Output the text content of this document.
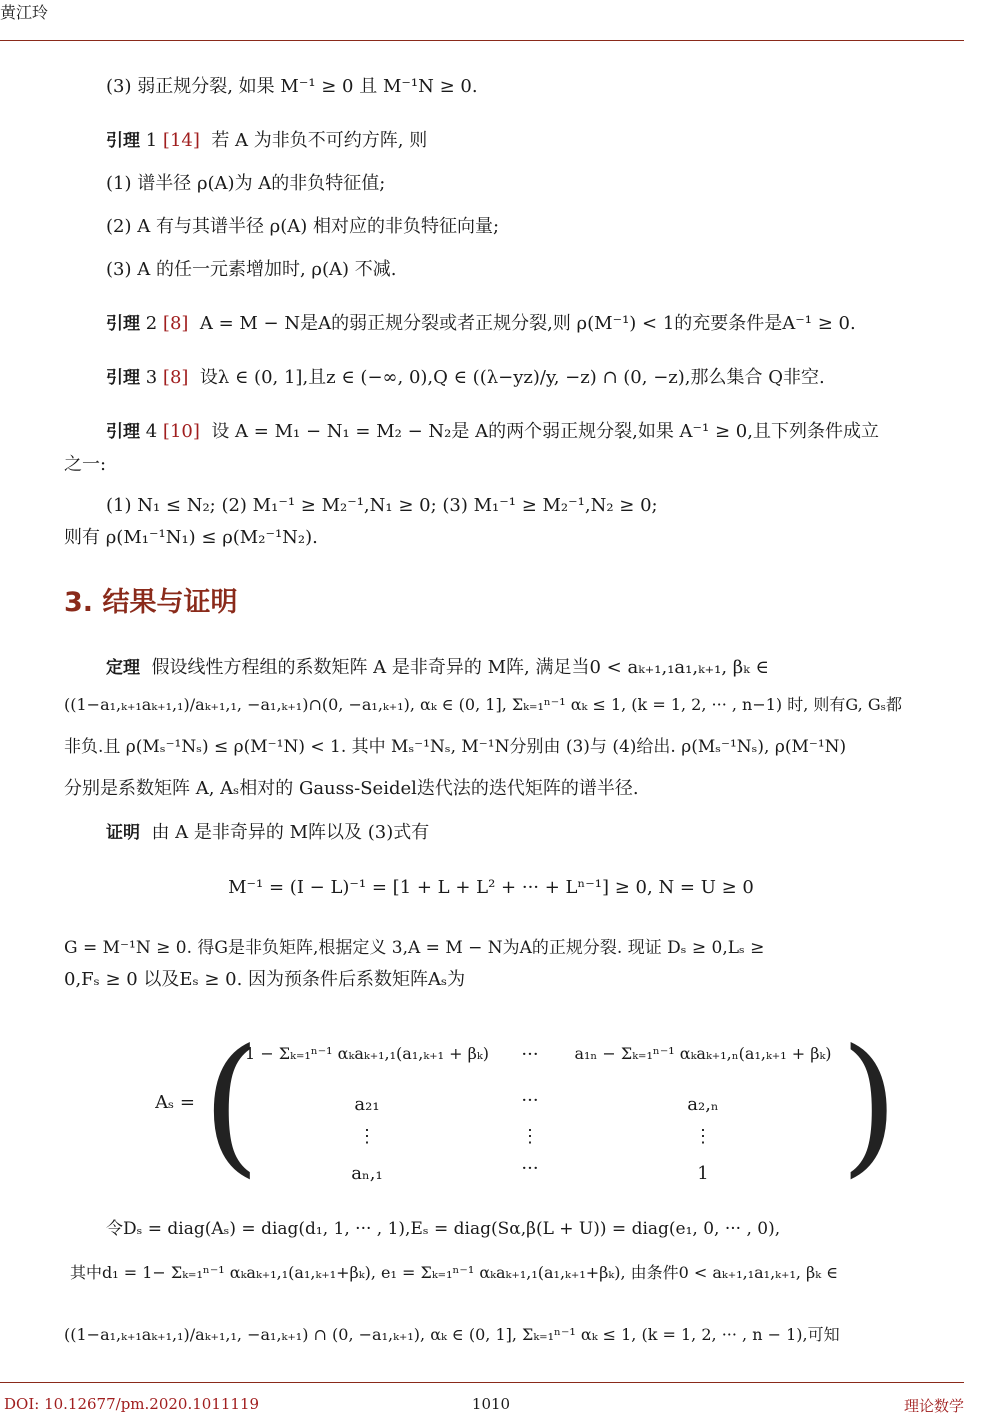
黄江玲
(3) 弱正规分裂, 如果 M⁻¹ ≥ 0 且 M⁻¹N ≥ 0.
引理 1 [14] 若 A 为非负不可约方阵, 则
(1) 谱半径 ρ(A)为 A的非负特征值;
(2) A 有与其谱半径 ρ(A) 相对应的非负特征向量;
(3) A 的任一元素增加时, ρ(A) 不减.
引理 2 [8] A = M − N是A的弱正规分裂或者正规分裂,则 ρ(M⁻¹) < 1的充要条件是A⁻¹ ≥ 0.
引理 3 [8] 设λ ∈ (0, 1],且z ∈ (−∞, 0),Q ∈ ((λ−yz)/y, −z) ∩ (0, −z),那么集合 Q非空.
引理 4 [10] 设 A = M₁ − N₁ = M₂ − N₂是 A的两个弱正规分裂,如果 A⁻¹ ≥ 0,且下列条件成立
之一:
(1) N₁ ≤ N₂; (2) M₁⁻¹ ≥ M₂⁻¹,N₁ ≥ 0; (3) M₁⁻¹ ≥ M₂⁻¹,N₂ ≥ 0;
则有 ρ(M₁⁻¹N₁) ≤ ρ(M₂⁻¹N₂).
3. 结果与证明
定理 假设线性方程组的系数矩阵 A 是非奇异的 M阵, 满足当0 < aₖ₊₁,₁a₁,ₖ₊₁, βₖ ∈
((1−a₁,ₖ₊₁aₖ₊₁,₁)/aₖ₊₁,₁, −a₁,ₖ₊₁)∩(0, −a₁,ₖ₊₁), αₖ ∈ (0, 1], Σₖ₌₁ⁿ⁻¹ αₖ ≤ 1, (k = 1, 2, ··· , n−1) 时, 则有G, Gₛ都
非负.且 ρ(Mₛ⁻¹Nₛ) ≤ ρ(M⁻¹N) < 1. 其中 Mₛ⁻¹Nₛ, M⁻¹N分别由 (3)与 (4)给出. ρ(Mₛ⁻¹Nₛ), ρ(M⁻¹N)
分别是系数矩阵 A, Aₛ相对的 Gauss-Seidel迭代法的迭代矩阵的谱半径.
证明 由 A 是非奇异的 M阵以及 (3)式有
M⁻¹ = (I − L)⁻¹ = [1 + L + L² + ··· + Lⁿ⁻¹] ≥ 0, N = U ≥ 0
G = M⁻¹N ≥ 0. 得G是非负矩阵,根据定义 3,A = M − N为A的正规分裂. 现证 Dₛ ≥ 0,Lₛ ≥
0,Fₛ ≥ 0 以及Eₛ ≥ 0. 因为预条件后系数矩阵Aₛ为
Aₛ = (	)
1 − Σₖ₌₁ⁿ⁻¹ αₖaₖ₊₁,₁(a₁,ₖ₊₁ + βₖ)	···	a₁ₙ − Σₖ₌₁ⁿ⁻¹ αₖaₖ₊₁,ₙ(a₁,ₖ₊₁ + βₖ)
a₂₁	···	a₂,ₙ
⋮	⋮	⋮
aₙ,₁	···	1
令Dₛ = diag(Aₛ) = diag(d₁, 1, ··· , 1),Eₛ = diag(Sα,β(L + U)) = diag(e₁, 0, ··· , 0),
其中d₁ = 1− Σₖ₌₁ⁿ⁻¹ αₖaₖ₊₁,₁(a₁,ₖ₊₁+βₖ), e₁ = Σₖ₌₁ⁿ⁻¹ αₖaₖ₊₁,₁(a₁,ₖ₊₁+βₖ), 由条件0 < aₖ₊₁,₁a₁,ₖ₊₁, βₖ ∈
((1−a₁,ₖ₊₁aₖ₊₁,₁)/aₖ₊₁,₁, −a₁,ₖ₊₁) ∩ (0, −a₁,ₖ₊₁), αₖ ∈ (0, 1], Σₖ₌₁ⁿ⁻¹ αₖ ≤ 1, (k = 1, 2, ··· , n − 1),可知
DOI: 10.12677/pm.2020.1011119	1010	理论数学
